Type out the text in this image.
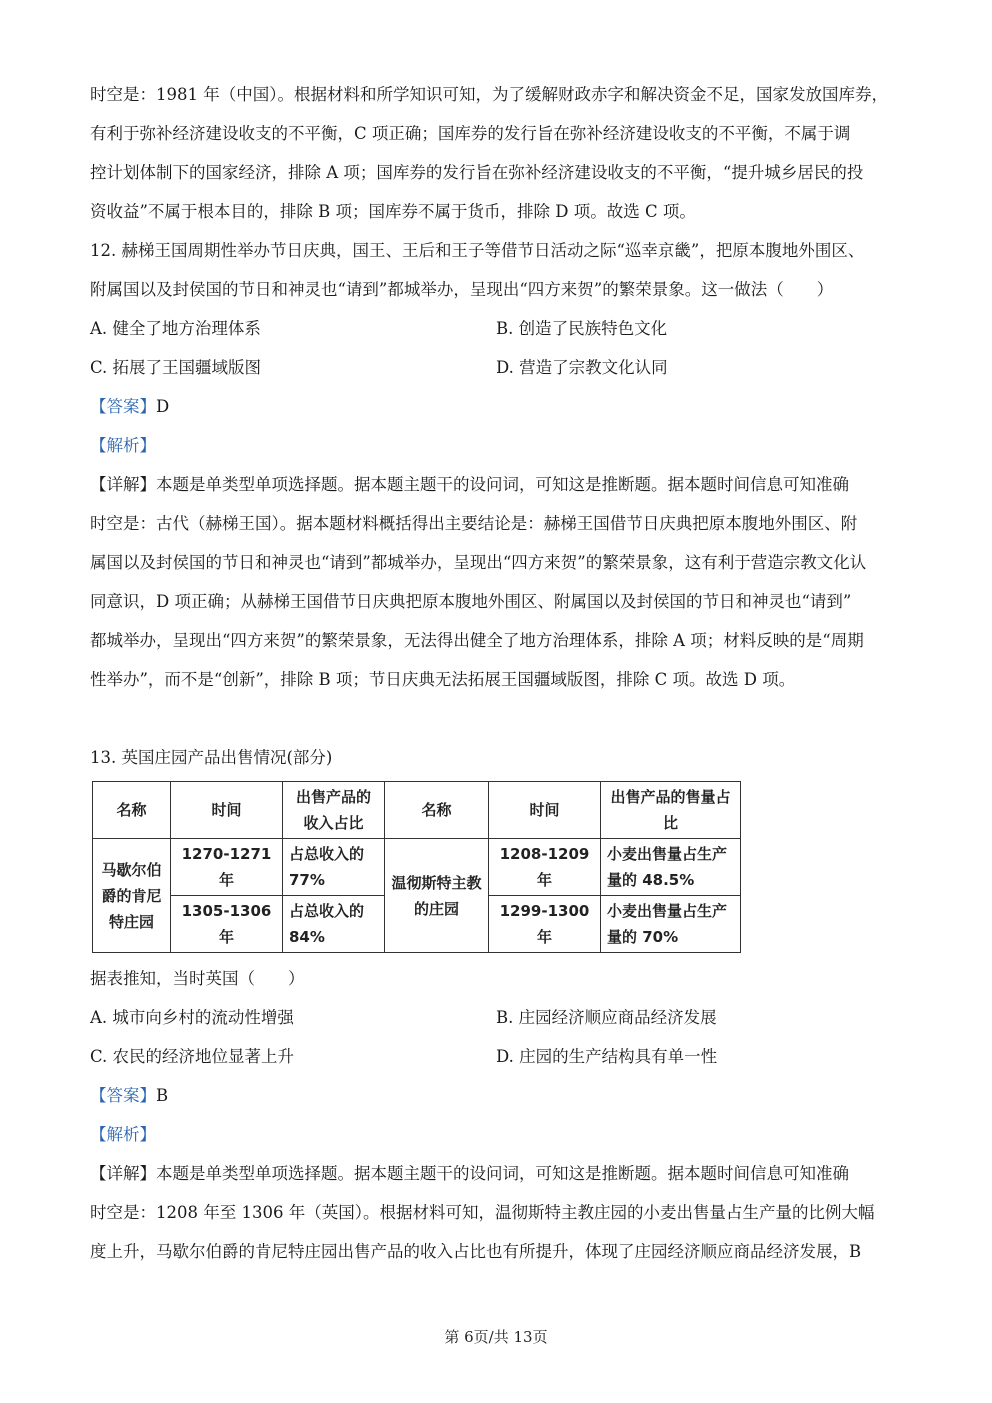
时空是：1981 年（中国）。根据材料和所学知识可知，为了缓解财政赤字和解决资金不足，国家发放国库券，
有利于弥补经济建设收支的不平衡，C 项正确；国库券的发行旨在弥补经济建设收支的不平衡，不属于调
控计划体制下的国家经济，排除 A 项；国库券的发行旨在弥补经济建设收支的不平衡，“提升城乡居民的投
资收益”不属于根本目的，排除 B 项；国库券不属于货币，排除 D 项。故选 C 项。
12. 赫梯王国周期性举办节日庆典，国王、王后和王子等借节日活动之际“巡幸京畿”，把原本腹地外围区、
附属国以及封侯国的节日和神灵也“请到”都城举办，呈现出“四方来贺”的繁荣景象。这一做法（　　）
A. 健全了地方治理体系	B. 创造了民族特色文化
C. 拓展了王国疆域版图	D. 营造了宗教文化认同
【答案】D
【解析】
【详解】本题是单类型单项选择题。据本题主题干的设问词，可知这是推断题。据本题时间信息可知准确
时空是：古代（赫梯王国）。据本题材料概括得出主要结论是：赫梯王国借节日庆典把原本腹地外围区、附
属国以及封侯国的节日和神灵也“请到”都城举办，呈现出“四方来贺”的繁荣景象，这有利于营造宗教文化认
同意识，D 项正确；从赫梯王国借节日庆典把原本腹地外围区、附属国以及封侯国的节日和神灵也“请到”
都城举办，呈现出“四方来贺”的繁荣景象，无法得出健全了地方治理体系，排除 A 项；材料反映的是“周期
性举办”，而不是“创新”，排除 B 项；节日庆典无法拓展王国疆域版图，排除 C 项。故选 D 项。
13. 英国庄园产品出售情况(部分)
名称	时间	出售产品的收入占比	名称	时间	出售产品的售量占比
马歇尔伯爵的肯尼特庄园	1270-1271 年	占总收入的 77%	温彻斯特主教的庄园	1208-1209 年	小麦出售量占生产量的 48.5%
	1305-1306 年	占总收入的 84%		1299-1300 年	小麦出售量占生产量的 70%
据表推知，当时英国（　　）
A. 城市向乡村的流动性增强	B. 庄园经济顺应商品经济发展
C. 农民的经济地位显著上升	D. 庄园的生产结构具有单一性
【答案】B
【解析】
【详解】本题是单类型单项选择题。据本题主题干的设问词，可知这是推断题。据本题时间信息可知准确
时空是：1208 年至 1306 年（英国）。根据材料可知，温彻斯特主教庄园的小麦出售量占生产量的比例大幅
度上升，马歇尔伯爵的肯尼特庄园出售产品的收入占比也有所提升，体现了庄园经济顺应商品经济发展，B
第 6页/共 13页
